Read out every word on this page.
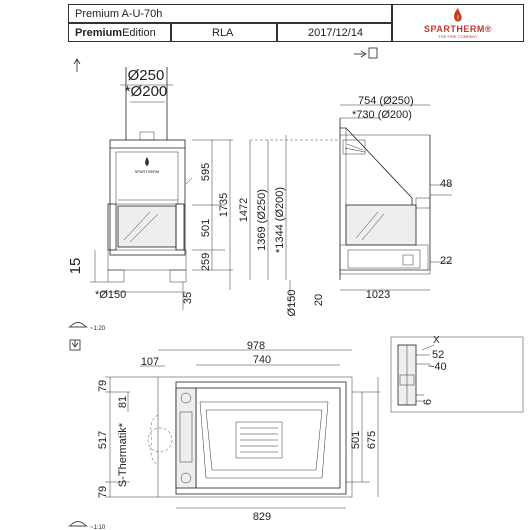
Premium A-U-70h
Premium Edition	RLA	2017/12/14	SPARTHERM®
THE FIRE COMPANY
SPARTHERM
Ø250
*Ø200
595
501
259
1735
15
*Ø150	35
754 (Ø250)
*730 (Ø200)
48
22
1472 1369 (Ø250) *1344 (Ø200)
Ø150 20	1023
~1:20
~1:10
978
740
107
79
517
79
81
S-Thermatik*	501 675
829
X
52
~40
6
